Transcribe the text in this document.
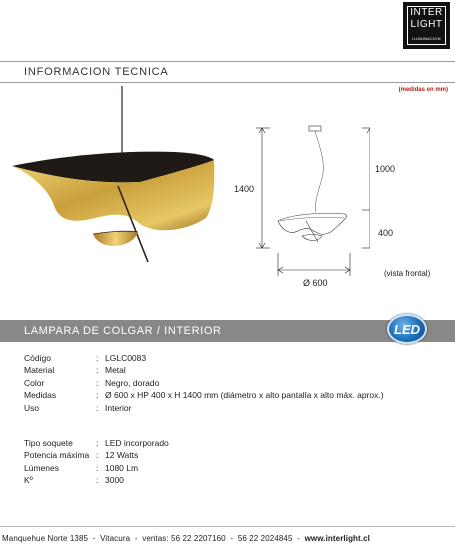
INTER
LIGHT
ILUMINACION
INFORMACION TECNICA
(medidas en mm)
1400
1000
400
Ø 600
(vista frontal)
LAMPARA DE COLGAR / INTERIOR	LED
Código	: LGLC0083
Material	: Metal
Color	: Negro, dorado
Medidas	: Ø 600 x HP 400 x H 1400 mm (diámetro x alto pantalla x alto máx. aprox.)
Uso	: Interior
Tipo soquete	: LED incorporado
Potencia máxima : 12 Watts
Lúmenes	: 1080 Lm
Kº	: 3000
Manquehue Norte 1385 - Vitacura - ventas: 56 22 2207160 - 56 22 2024845 - www.interlight.cl
